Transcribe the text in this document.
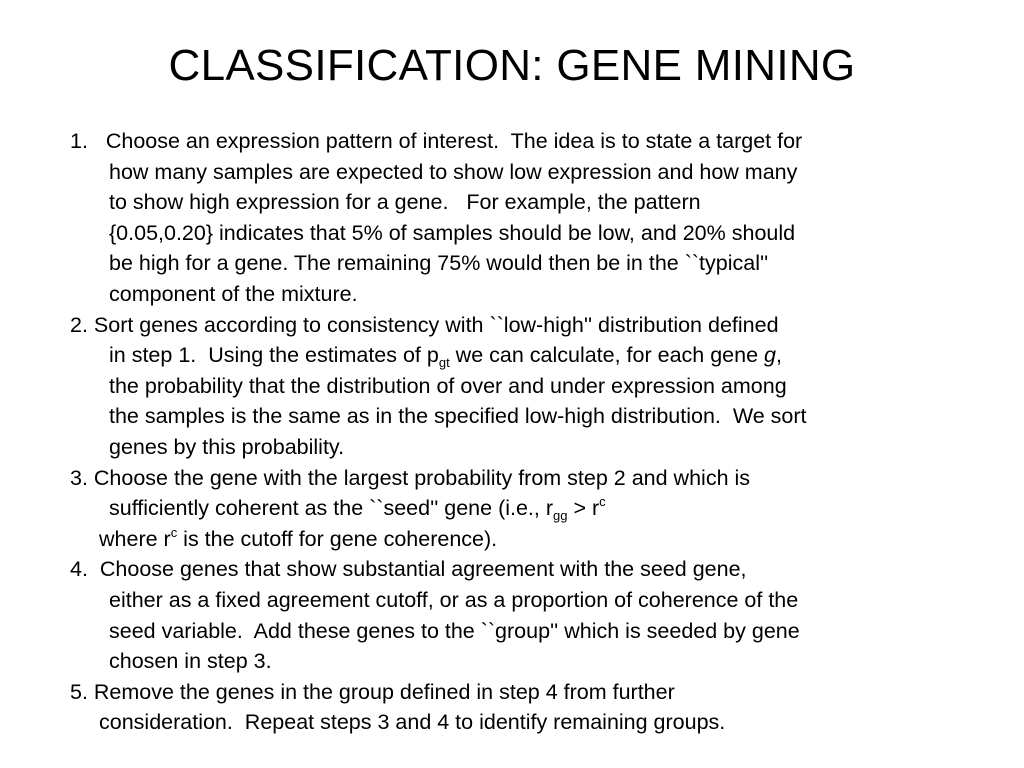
CLASSIFICATION: GENE MINING
1.   Choose an expression pattern of interest.  The idea is to state a target for
how many samples are expected to show low expression and how many
to show high expression for a gene.   For example, the pattern
{0.05,0.20} indicates that 5% of samples should be low, and 20% should
be high for a gene. The remaining 75% would then be in the ``typical''
component of the mixture.
2. Sort genes according to consistency with ``low-high'' distribution defined
in step 1.  Using the estimates of $p_{gt}$ we can calculate, for each gene g,
the probability that the distribution of over and under expression among
the samples is the same as in the specified low-high distribution.  We sort
genes by this probability.
3. Choose the gene with the largest probability from step 2 and which is
sufficiently coherent as the ``seed'' gene (i.e., $r_{gg} > r^c$
where $r^c$ is the cutoff for gene coherence).
4.  Choose genes that show substantial agreement with the seed gene,
either as a fixed agreement cutoff, or as a proportion of coherence of the
seed variable.  Add these genes to the ``group'' which is seeded by gene
chosen in step 3.
5. Remove the genes in the group defined in step 4 from further
consideration.  Repeat steps 3 and 4 to identify remaining groups.
